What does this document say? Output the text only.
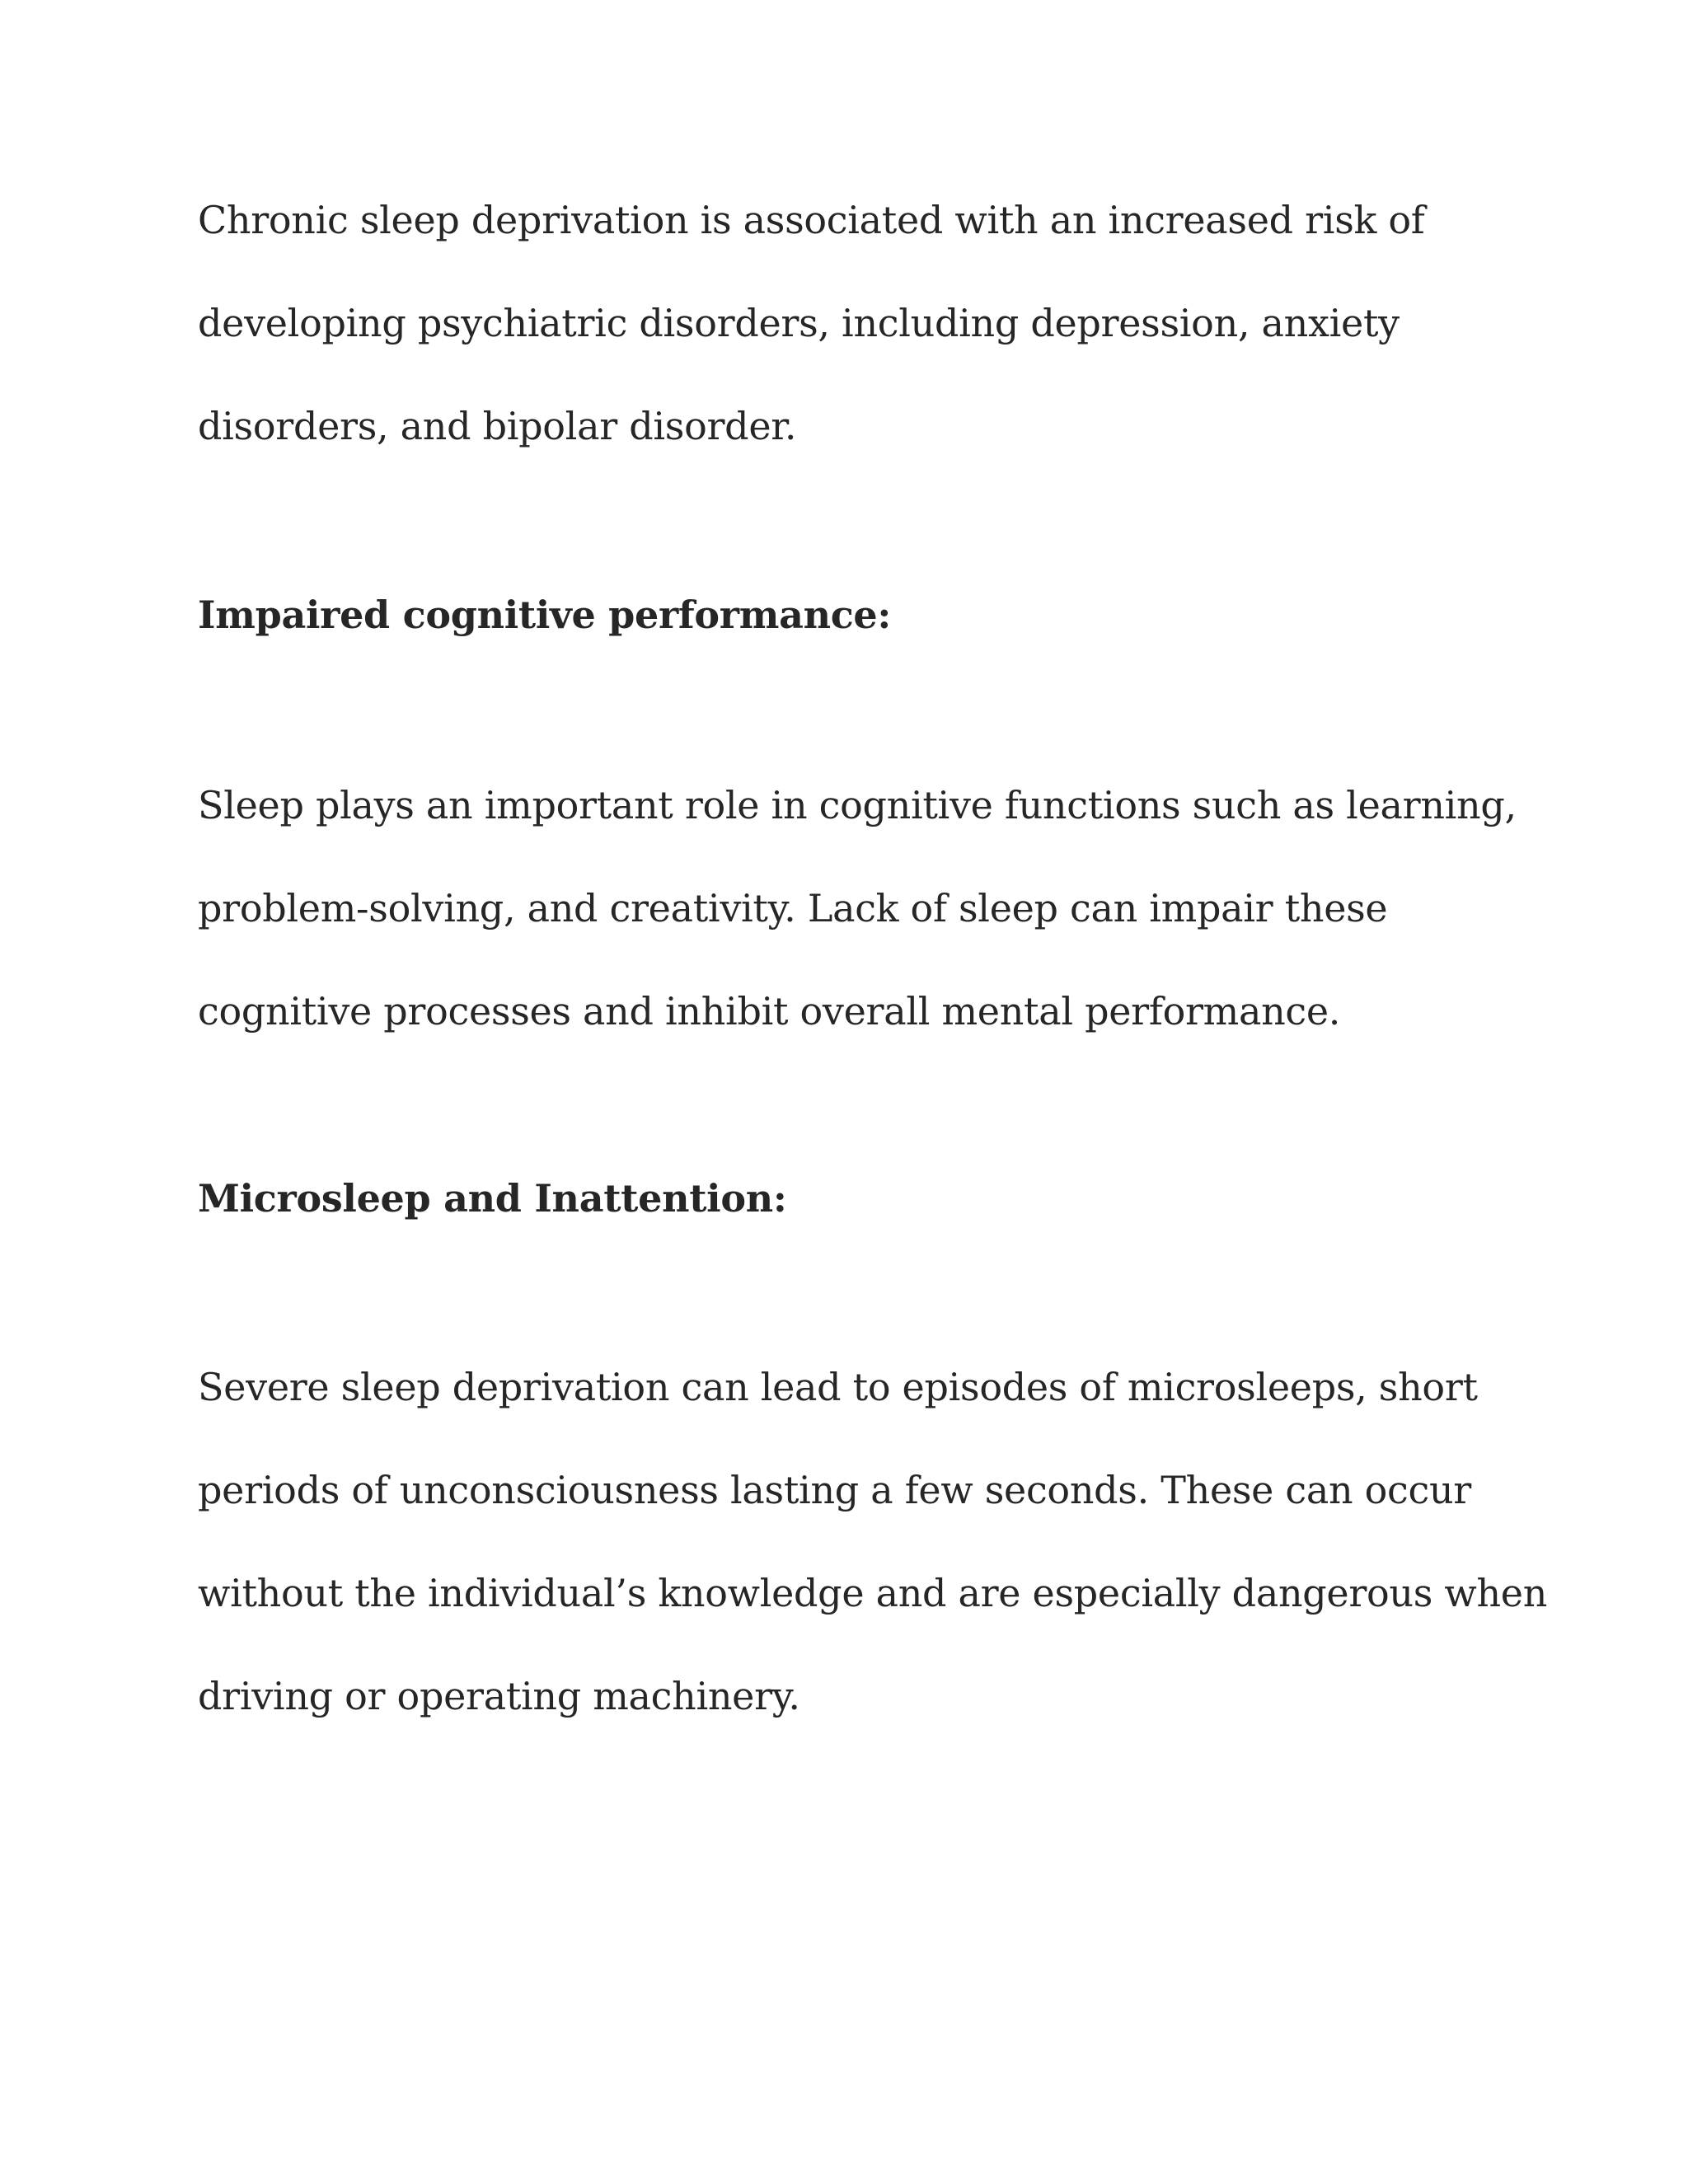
Chronic sleep deprivation is associated with an increased risk of
developing psychiatric disorders, including depression, anxiety
disorders, and bipolar disorder.

Impaired cognitive performance:

Sleep plays an important role in cognitive functions such as learning,
problem-solving, and creativity. Lack of sleep can impair these
cognitive processes and inhibit overall mental performance.

Microsleep and Inattention:

Severe sleep deprivation can lead to episodes of microsleeps, short
periods of unconsciousness lasting a few seconds. These can occur
without the individual’s knowledge and are especially dangerous when
driving or operating machinery.
